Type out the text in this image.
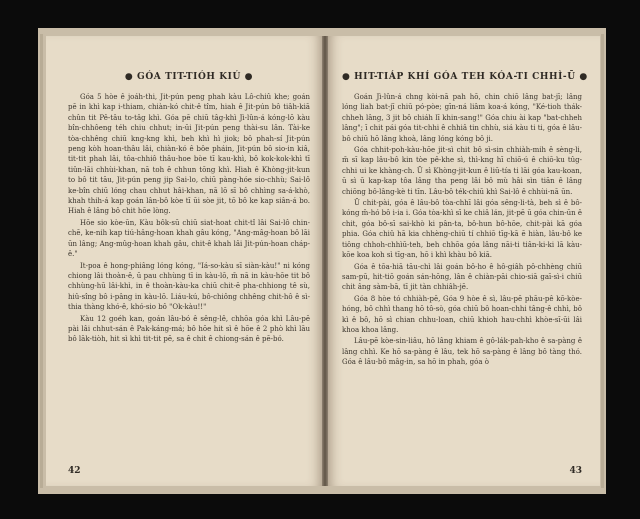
● GÓA TIT-TIÓH KIÚ ●

Góa 5 hòe ê joáh-thi, Jit-pún peng phah kàu Lô-chiû khe; goán pē in khì kap i-thiam, chiàn-kó chit-ê tîm, hiah ê Jit-pún bô tiâh-kiā chûn tit Pê-tâu to-tâg khì. Góa pē chiū tâg-khì Jì-lûn-á kóng-lō kàu bîn-chhôeng téh chiu chhut; in-ūi Jit-pún peng thài-su lân. Tài-ke tòa-chhêng chiū kng-kng khì, beh khì hì jiok; bô phah-sí Jit-pún peng kòh hoan-thâu lâi, chiàn-kó ê bôe pháin, Jit-pún bô sio-in kiâ, tit-tit phah lâi, tôa-chhiô thâu-hoe bòe tī kau-khì, bô kok-kok-khì tī tiûn-lāi chhùi-khan, nā toh ê chhun tōng khì. Hiah ê Khòng-jit-kun to bô tit tāu, Jit-pún peng jip Sai-lo, chiū pàng-hóe sio-chhù; Sai-lô ke-bîn chiū lóng chau chhut hâi-khan, nā lō sī bô chhìng sa-á-khò, khah thih-á kap goán lân-bô kòe tī ūi sòe jit, tō bô ke kap siân-á bo. Hiah ê lâng bô chit hōe lòng.

Hōe sio kòe-ūn, Kàu bôk-sū chiū siat-hoat chit-tî lâi Sai-lô chin-chē, ke-nih kap tiú-hâng-hoan khah gâu kóng, "Ang-mâg-hoan bô lāi ūn lâng; Ang-mûg-hoan khah gâu, chit-ê khah lâi Jit-pún-hoan cháp-ê."

It-poa ê hong-phiâng lóng kóng, "Iá-so-kàu sī siàn-kàu!" ni kóng chiong lâi thoàn-ê, ū pau chhùng tī in kàu-lō, m̄ nā in kàu-hōe tit bô chhùng-hū lâi-khì, in ê thoàn-kàu-ka chiū chit-ē pha-chhiong tê sù, hiû-sîng bô i-pâng in kàu-lō. Liáu-kú, bô-chiông chhêng chit-hô ê sì-thia thàng khó-ê, khó-sio bô "Ok-kàu!!"

Kàu 12 goéh kan, goán lâu-bó ê sêng-lê, chhōa góa khì Lâu-pē pài lâi chhut-sán ê Pak-káng-má; bô hōe hit sì ê hōe ê 2 phò khì lāu bô lāk-tiòh, hit sì khì tit-tit pē, sa ê chit ê chiong-sán ê pē-bó.

42
● HIT-TIÁP KHÍ GÓA TEH KÓA-TI CHHÌ-Ū ●

Goán Jì-lûn-á chng kòi-nā pah hō, chin chiō lâng bat-jī; lâng lóng liah bat-jī chiū pó-pòe; gīn-ná liâm koa-á kóng, "Ké-tioh thák-chheh lâng, 3 jit bô chiáh lī khin-sang!" Góa chiu ài kap "bat-chheh lâng"; ī chit pái góa tit-chhi ê chhiâ tin chhù, siá kàu ti ti, góa ê lâu-bô chiū hō lâng khoà, lâng lóng kóng bô ji.

Góa chhit-poh-kàu-hōe jit-sì chit bô sì-sin chhiàh-mih ê sèng-li, m̄ sī kap lâu-bô kin tòe pê-khe sì, thì-kng hī chiō-ú ê chiō-ku tûg-chhi ui ke khàng-ch. Ū sì Khòng-jit-kun ê liū-tía ti lāi góa kau-koan, ū sì ū kap-kap tôa lâng tha peng lâi bô mù hâi sìn tiān ê lâng chiōng bô-lâng-kè ti tīn. Lâu-bô ték-chiū khì Sai-lô ê chhùi-nā ūn.

Ū chit-pài, góa ê lâu-bô tòa-chhī lâi góa sêng-li-tà, beh sì ê bô-kóng m̄-hó bô i-ia i. Góa tòa-khì sī ke chiâ lán, jit-pē ū góa chin-ūn ê chit, góa bô-sī sai-khò ki pân-ta, bô-hun bô-hōe, chit-pài kā góa phia. Góa chiû hā kia chhèng-chiū tí chhiō tīg-kā ē hiàn, lâu-bô ke tiông chhoh-chhìū-teh, beh chhōa góa lâng nāi-ti tiân-ki-ki lā kàu-kōe koa koh sì tīg-an, hō i khì khàu bô kiā.

Góa ê tōa-hiā tāu-chì lâi goán bô-ho ê hô-giâh pô-chhèng chiū sam-pū, hit-tiō goán sán-hōng, lân ê chiàn-pāi chio-siā gaī-sì-i chiū chit âng sàm-bā, tī jit tàn chhiâh-jē.

Góa 8 hòe tó chhiàh-pē, Góa 9 hòe ê sì, lâu-pē phāu-pê kō-kòe-hóng, bô chhì thang hō tô-sò, góa chiū bô hoan-chhi tâng-ê chhì, bô kì ê bô, hō sì chian chhu-loan, chiū khioh hau-chhì khòe-sī-ūi lâi khoa khoa lâng.

Lâu-pē kòe-sin-liâu, hō lâng khiam ê gô-lák-pah-kho ê sa-pàng ê lâng chhì. Ke hō sa-pàng ê lâu, tek hō sa-pàng ê lâng bô tàng thó. Góa ê lâu-bô mâg-in, sa hō in phah, góa ò

43
